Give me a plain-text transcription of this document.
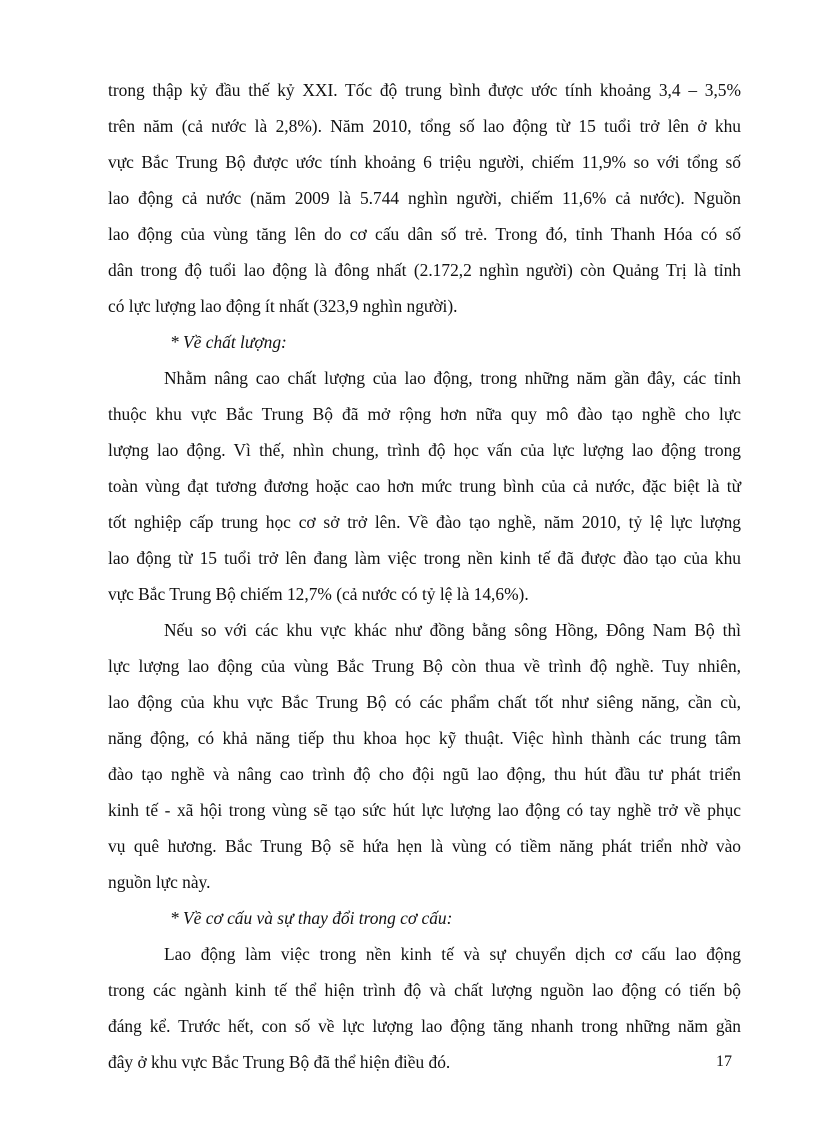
trong thập kỷ đầu thế kỷ XXI. Tốc độ trung bình được ước tính khoảng 3,4 – 3,5%
trên năm (cả nước là 2,8%). Năm 2010, tổng số lao động từ 15 tuổi trở lên ở khu
vực Bắc Trung Bộ được ước tính khoảng 6 triệu người, chiếm 11,9% so với tổng số
lao động cả nước (năm 2009 là 5.744 nghìn người, chiếm 11,6% cả nước). Nguồn
lao động của vùng tăng lên do cơ cấu dân số trẻ. Trong đó, tỉnh Thanh Hóa có số
dân trong độ tuổi lao động là đông nhất (2.172,2 nghìn người) còn Quảng Trị là tỉnh
có lực lượng lao động ít nhất (323,9 nghìn người).
* Về chất lượng:
Nhằm nâng cao chất lượng của lao động, trong những năm gần đây, các tỉnh
thuộc khu vực Bắc Trung Bộ đã mở rộng hơn nữa quy mô đào tạo nghề cho lực
lượng lao động. Vì thế, nhìn chung, trình độ học vấn của lực lượng lao động trong
toàn vùng đạt tương đương hoặc cao hơn mức trung bình của cả nước, đặc biệt là từ
tốt nghiệp cấp trung học cơ sở trở lên. Về đào tạo nghề, năm 2010, tỷ lệ lực lượng
lao động từ 15 tuổi trở lên đang làm việc trong nền kinh tế đã được đào tạo của khu
vực Bắc Trung Bộ chiếm 12,7% (cả nước có tỷ lệ là 14,6%).
Nếu so với các khu vực khác như đồng bằng sông Hồng, Đông Nam Bộ thì
lực lượng lao động của vùng Bắc Trung Bộ còn thua về trình độ nghề. Tuy nhiên,
lao động của khu vực Bắc Trung Bộ có các phẩm chất tốt như siêng năng, cần cù,
năng động, có khả năng tiếp thu khoa học kỹ thuật. Việc hình thành các trung tâm
đào tạo nghề và nâng cao trình độ cho đội ngũ lao động, thu hút đầu tư phát triển
kinh tế - xã hội trong vùng sẽ tạo sức hút lực lượng lao động có tay nghề trở về phục
vụ quê hương. Bắc Trung Bộ sẽ hứa hẹn là vùng có tiềm năng phát triển nhờ vào
nguồn lực này.
* Về cơ cấu và sự thay đổi trong cơ cấu:
Lao động làm việc trong nền kinh tế và sự chuyển dịch cơ cấu lao động
trong các ngành kinh tế thể hiện trình độ và chất lượng nguồn lao động có tiến bộ
đáng kể. Trước hết, con số về lực lượng lao động tăng nhanh trong những năm gần
đây ở khu vực Bắc Trung Bộ đã thể hiện điều đó.	17
